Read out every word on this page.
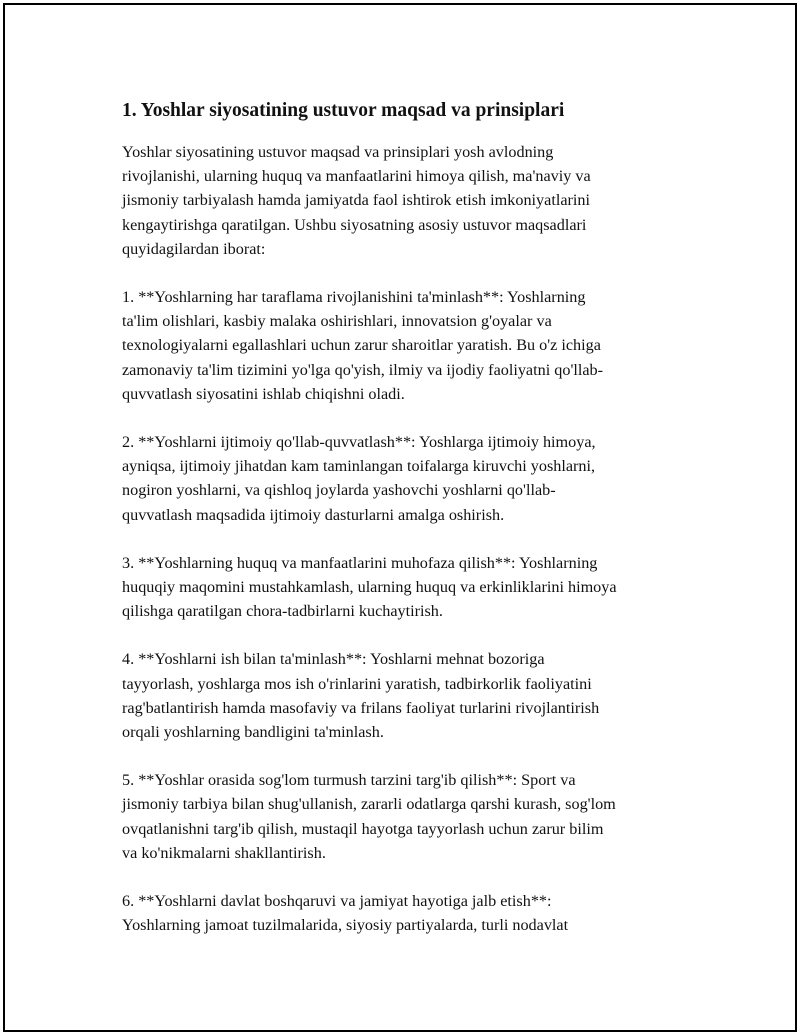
1. Yoshlar siyosatining ustuvor maqsad va prinsiplari

Yoshlar siyosatining ustuvor maqsad va prinsiplari yosh avlodning
rivojlanishi, ularning huquq va manfaatlarini himoya qilish, ma'naviy va
jismoniy tarbiyalash hamda jamiyatda faol ishtirok etish imkoniyatlarini
kengaytirishga qaratilgan. Ushbu siyosatning asosiy ustuvor maqsadlari
quyidagilardan iborat:

1. **Yoshlarning har taraflama rivojlanishini ta'minlash**: Yoshlarning
ta'lim olishlari, kasbiy malaka oshirishlari, innovatsion g'oyalar va
texnologiyalarni egallashlari uchun zarur sharoitlar yaratish. Bu o'z ichiga
zamonaviy ta'lim tizimini yo'lga qo'yish, ilmiy va ijodiy faoliyatni qo'llab-
quvvatlash siyosatini ishlab chiqishni oladi.

2. **Yoshlarni ijtimoiy qo'llab-quvvatlash**: Yoshlarga ijtimoiy himoya,
ayniqsa, ijtimoiy jihatdan kam taminlangan toifalarga kiruvchi yoshlarni,
nogiron yoshlarni, va qishloq joylarda yashovchi yoshlarni qo'llab-
quvvatlash maqsadida ijtimoiy dasturlarni amalga oshirish.

3. **Yoshlarning huquq va manfaatlarini muhofaza qilish**: Yoshlarning
huquqiy maqomini mustahkamlash, ularning huquq va erkinliklarini himoya
qilishga qaratilgan chora-tadbirlarni kuchaytirish.

4. **Yoshlarni ish bilan ta'minlash**: Yoshlarni mehnat bozoriga
tayyorlash, yoshlarga mos ish o'rinlarini yaratish, tadbirkorlik faoliyatini
rag'batlantirish hamda masofaviy va frilans faoliyat turlarini rivojlantirish
orqali yoshlarning bandligini ta'minlash.

5. **Yoshlar orasida sog'lom turmush tarzini targ'ib qilish**: Sport va
jismoniy tarbiya bilan shug'ullanish, zararli odatlarga qarshi kurash, sog'lom
ovqatlanishni targ'ib qilish, mustaqil hayotga tayyorlash uchun zarur bilim
va ko'nikmalarni shakllantirish.

6. **Yoshlarni davlat boshqaruvi va jamiyat hayotiga jalb etish**:
Yoshlarning jamoat tuzilmalarida, siyosiy partiyalarda, turli nodavlat
